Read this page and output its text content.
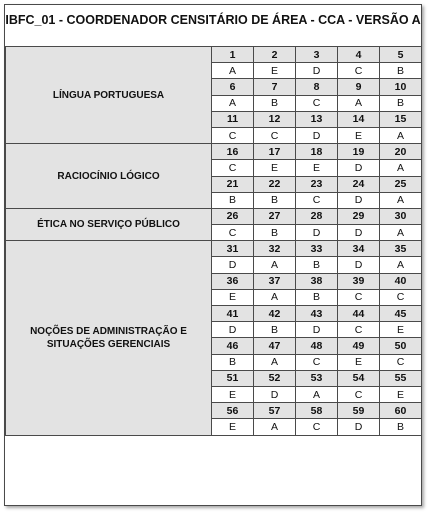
IBFC_01 - COORDENADOR CENSITÁRIO DE ÁREA - CCA - VERSÃO A
LÍNGUA PORTUGUESA	1	2	3	4	5
	A	E	D	C	B
	6	7	8	9	10
	A	B	C	A	B
	11	12	13	14	15
	C	C	D	E	A
RACIOCÍNIO LÓGICO	16	17	18	19	20
	C	E	E	D	A
	21	22	23	24	25
	B	B	C	D	A
ÉTICA NO SERVIÇO PÚBLICO	26	27	28	29	30
	C	B	D	D	A
NOÇÕES DE ADMINISTRAÇÃO E SITUAÇÕES GERENCIAIS	31	32	33	34	35
	D	A	B	D	A
	36	37	38	39	40
	E	A	B	C	C
	41	42	43	44	45
	D	B	D	C	E
	46	47	48	49	50
	B	A	C	E	C
	51	52	53	54	55
	E	D	A	C	E
	56	57	58	59	60
	E	A	C	D	B
